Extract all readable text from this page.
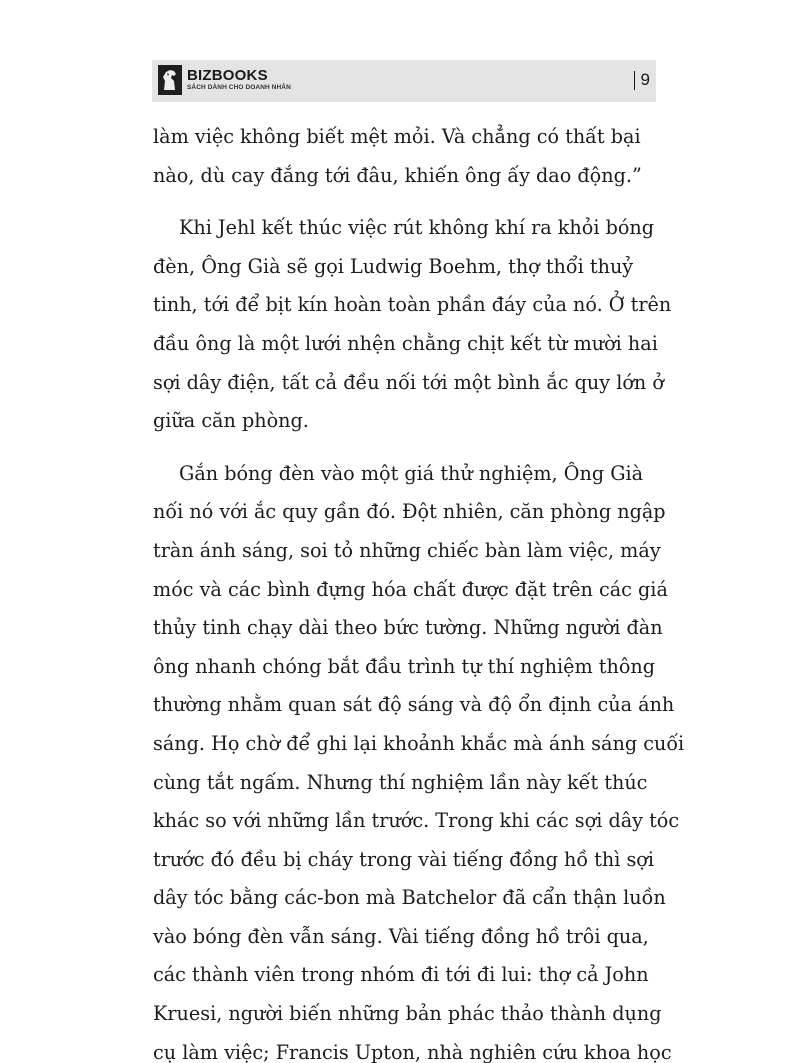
BIZBOOKS
SÁCH DÀNH CHO DOANH NHÂN	9

làm việc không biết mệt mỏi. Và chẳng có thất bại

nào, dù cay đắng tới đâu, khiến ông ấy dao động.”

Khi Jehl kết thúc việc rút không khí ra khỏi bóng

đèn, Ông Già sẽ gọi Ludwig Boehm, thợ thổi thuỷ

tinh, tới để bịt kín hoàn toàn phần đáy của nó. Ở trên

đầu ông là một lưới nhện chằng chịt kết từ mười hai

sợi dây điện, tất cả đều nối tới một bình ắc quy lớn ở

giữa căn phòng.

Gắn bóng đèn vào một giá thử nghiệm, Ông Già

nối nó với ắc quy gần đó. Đột nhiên, căn phòng ngập

tràn ánh sáng, soi tỏ những chiếc bàn làm việc, máy

móc và các bình đựng hóa chất được đặt trên các giá

thủy tinh chạy dài theo bức tường. Những người đàn

ông nhanh chóng bắt đầu trình tự thí nghiệm thông

thường nhằm quan sát độ sáng và độ ổn định của ánh

sáng. Họ chờ để ghi lại khoảnh khắc mà ánh sáng cuối

cùng tắt ngấm. Nhưng thí nghiệm lần này kết thúc

khác so với những lần trước. Trong khi các sợi dây tóc

trước đó đều bị cháy trong vài tiếng đồng hồ thì sợi

dây tóc bằng các-bon mà Batchelor đã cẩn thận luồn

vào bóng đèn vẫn sáng. Vài tiếng đồng hồ trôi qua,

các thành viên trong nhóm đi tới đi lui: thợ cả John

Kruesi, người biến những bản phác thảo thành dụng

cụ làm việc; Francis Upton, nhà nghiên cứu khoa học
